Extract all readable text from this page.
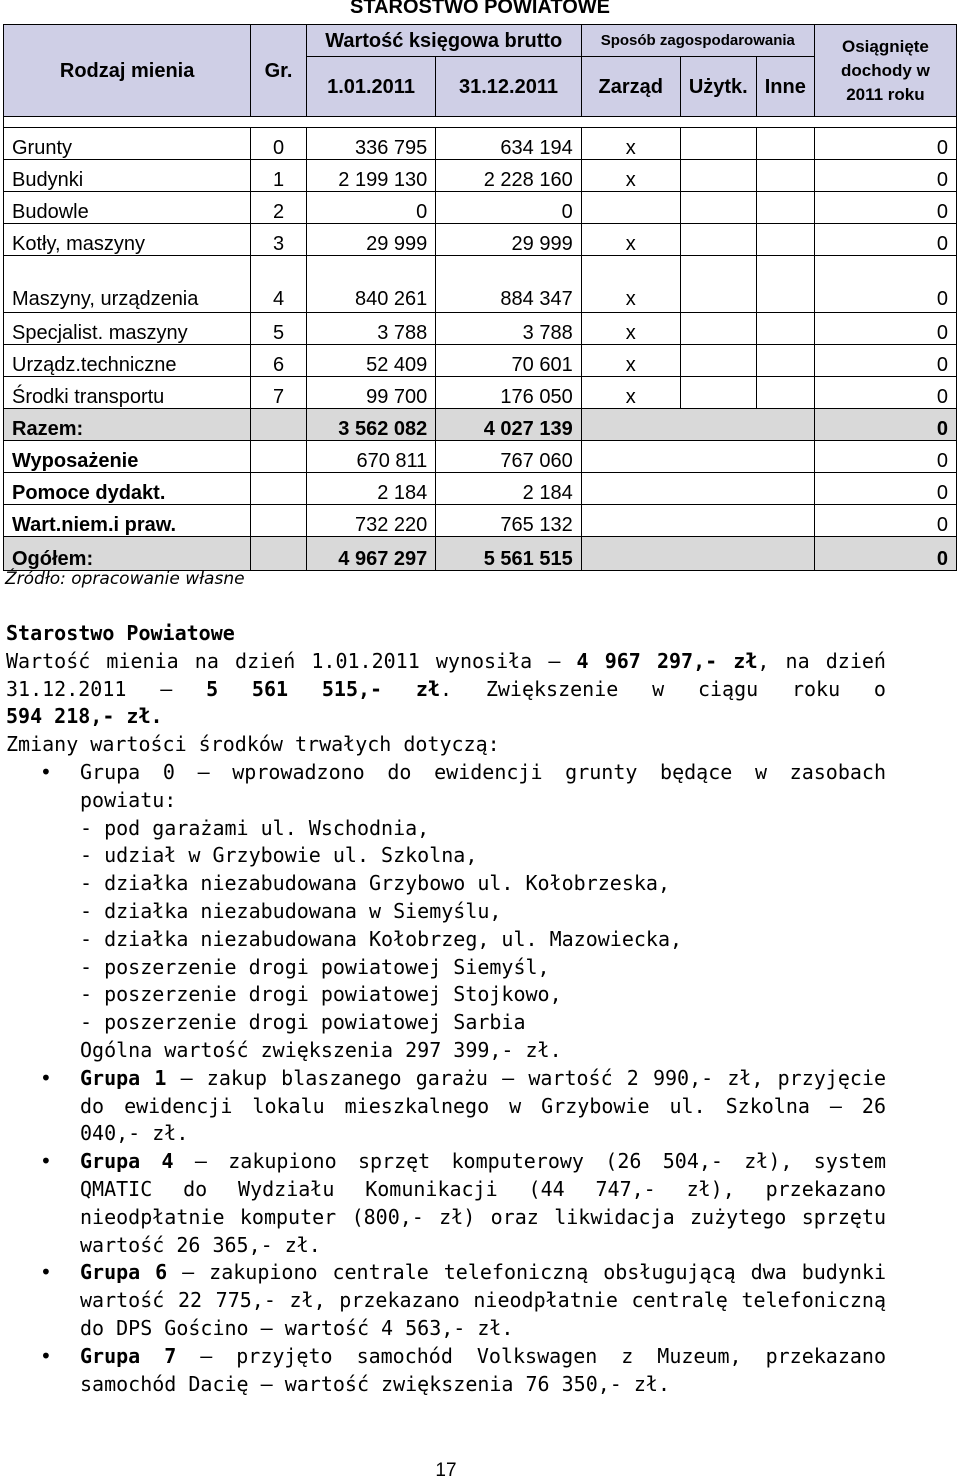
STAROSTWO POWIATOWE
Rodzaj mienia	Gr.	Wartość księgowa brutto		Sposób zagospodarowania			Osiągnięte dochody w 2011 roku
		1.01.2011	31.12.2011	Zarząd	Użytk.	Inne	

Grunty	0	336 795	634 194	x			0
Budynki	1	2 199 130	2 228 160	x			0
Budowle	2	0	0				0
Kotły, maszyny	3	29 999	29 999	x			0
Maszyny, urządzenia	4	840 261	884 347	x			0
Specjalist. maszyny	5	3 788	3 788	x			0
Urządz.techniczne	6	52 409	70 601	x			0
Środki transportu	7	99 700	176 050	x			0
Razem:		3 562 082	4 027 139				0
Wyposażenie		670 811	767 060				0
Pomoce dydakt.		2 184	2 184				0
Wart.niem.i praw.		732 220	765 132				0
Ogółem:		4 967 297	5 561 515				0
Źródło: opracowanie własne
Starostwo Powiatowe

Wartość mienia na dzień 1.01.2011 wynosiła – 4 967 297,- zł, na dzień

31.12.2011 – 5 561 515,- zł. Zwiększenie w ciągu roku o

594 218,- zł.

Zmiany wartości środków trwałych dotyczą:

• Grupa 0 – wprowadzono do ewidencji grunty będące w zasobach powiatu:
- pod garażami ul. Wschodnia,
- udział w Grzybowie ul. Szkolna,
- działka niezabudowana Grzybowo ul. Kołobrzeska,
- działka niezabudowana w Siemyślu,
- działka niezabudowana Kołobrzeg, ul. Mazowiecka,
- poszerzenie drogi powiatowej Siemyśl,
- poszerzenie drogi powiatowej Stojkowo,
- poszerzenie drogi powiatowej Sarbia
Ogólna wartość zwiększenia 297 399,- zł.
• Grupa 1 – zakup blaszanego garażu – wartość 2 990,- zł, przyjęcie do ewidencji lokalu mieszkalnego w Grzybowie ul. Szkolna – 26 040,- zł.
• Grupa 4 – zakupiono sprzęt komputerowy (26 504,- zł), system QMATIC do Wydziału Komunikacji (44 747,- zł), przekazano nieodpłatnie komputer (800,- zł) oraz likwidacja zużytego sprzętu wartość 26 365,- zł.
• Grupa 6 – zakupiono centrale telefoniczną obsługującą dwa budynki wartość 22 775,- zł, przekazano nieodpłatnie centralę telefoniczną do DPS Gościno – wartość 4 563,- zł.
• Grupa 7 – przyjęto samochód Volkswagen z Muzeum, przekazano samochód Dacię – wartość zwiększenia 76 350,- zł.
17
